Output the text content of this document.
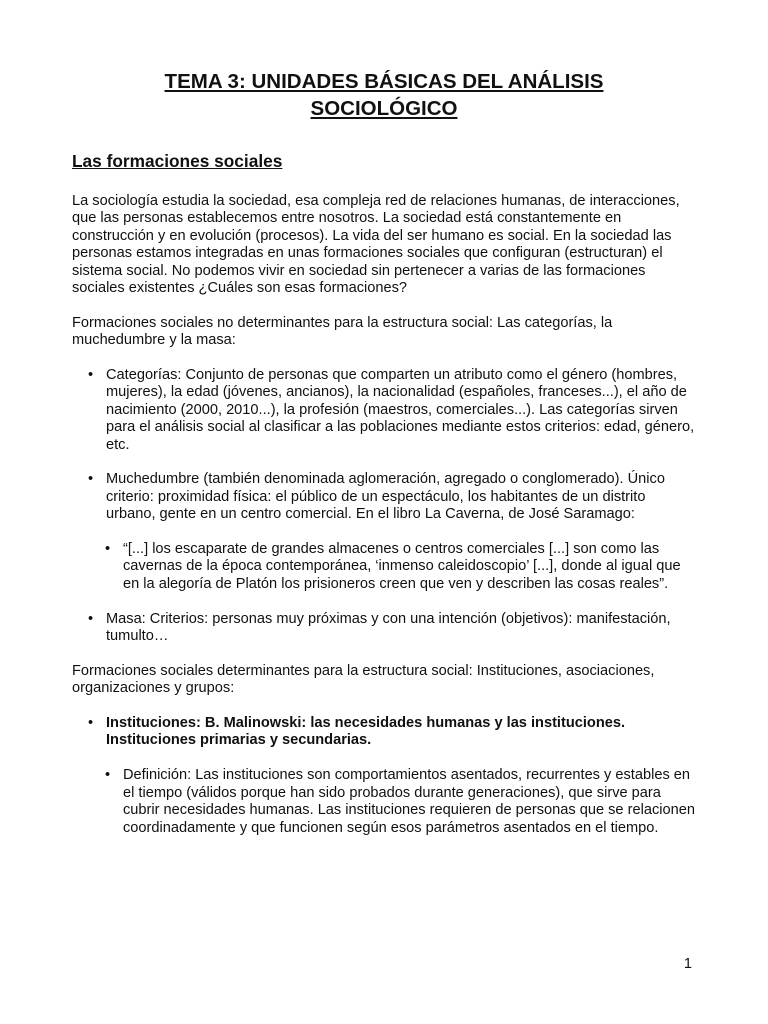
TEMA 3: UNIDADES BÁSICAS DEL ANÁLISIS
SOCIOLÓGICO
Las formaciones sociales

La sociología estudia la sociedad, esa compleja red de relaciones humanas, de interacciones, que las personas establecemos entre nosotros. La sociedad está constantemente en construcción y en evolución (procesos). La vida del ser humano es social. En la sociedad las personas estamos integradas en unas formaciones sociales que configuran (estructuran) el sistema social. No podemos vivir en sociedad sin pertenecer a varias de las formaciones sociales existentes ¿Cuáles son esas formaciones?

Formaciones sociales no determinantes para la estructura social: Las categorías, la muchedumbre y la masa:

• Categorías: Conjunto de personas que comparten un atributo como el género (hombres, mujeres), la edad (jóvenes, ancianos), la nacionalidad (españoles, franceses...), el año de nacimiento (2000, 2010...), la profesión (maestros, comerciales...). Las categorías sirven para el análisis social al clasificar a las poblaciones mediante estos criterios: edad, género, etc.
• Muchedumbre (también denominada aglomeración, agregado o conglomerado). Único criterio: proximidad física: el público de un espectáculo, los habitantes de un distrito urbano, gente en un centro comercial. En el libro La Caverna, de José Saramago:
• “[...] los escaparate de grandes almacenes o centros comerciales [...] son como las cavernas de la época contemporánea, ‘inmenso caleidoscopio’ [...], donde al igual que en la alegoría de Platón los prisioneros creen que ven y describen las cosas reales”.
• Masa: Criterios: personas muy próximas y con una intención (objetivos): manifestación, tumulto…

Formaciones sociales determinantes para la estructura social: Instituciones, asociaciones, organizaciones y grupos:

• Instituciones: B. Malinowski: las necesidades humanas y las instituciones. Instituciones primarias y secundarias.
• Definición: Las instituciones son comportamientos asentados, recurrentes y estables en el tiempo (válidos porque han sido probados durante generaciones), que sirve para cubrir necesidades humanas. Las instituciones requieren de personas que se relacionen coordinadamente y que funcionen según esos parámetros asentados en el tiempo.
1
